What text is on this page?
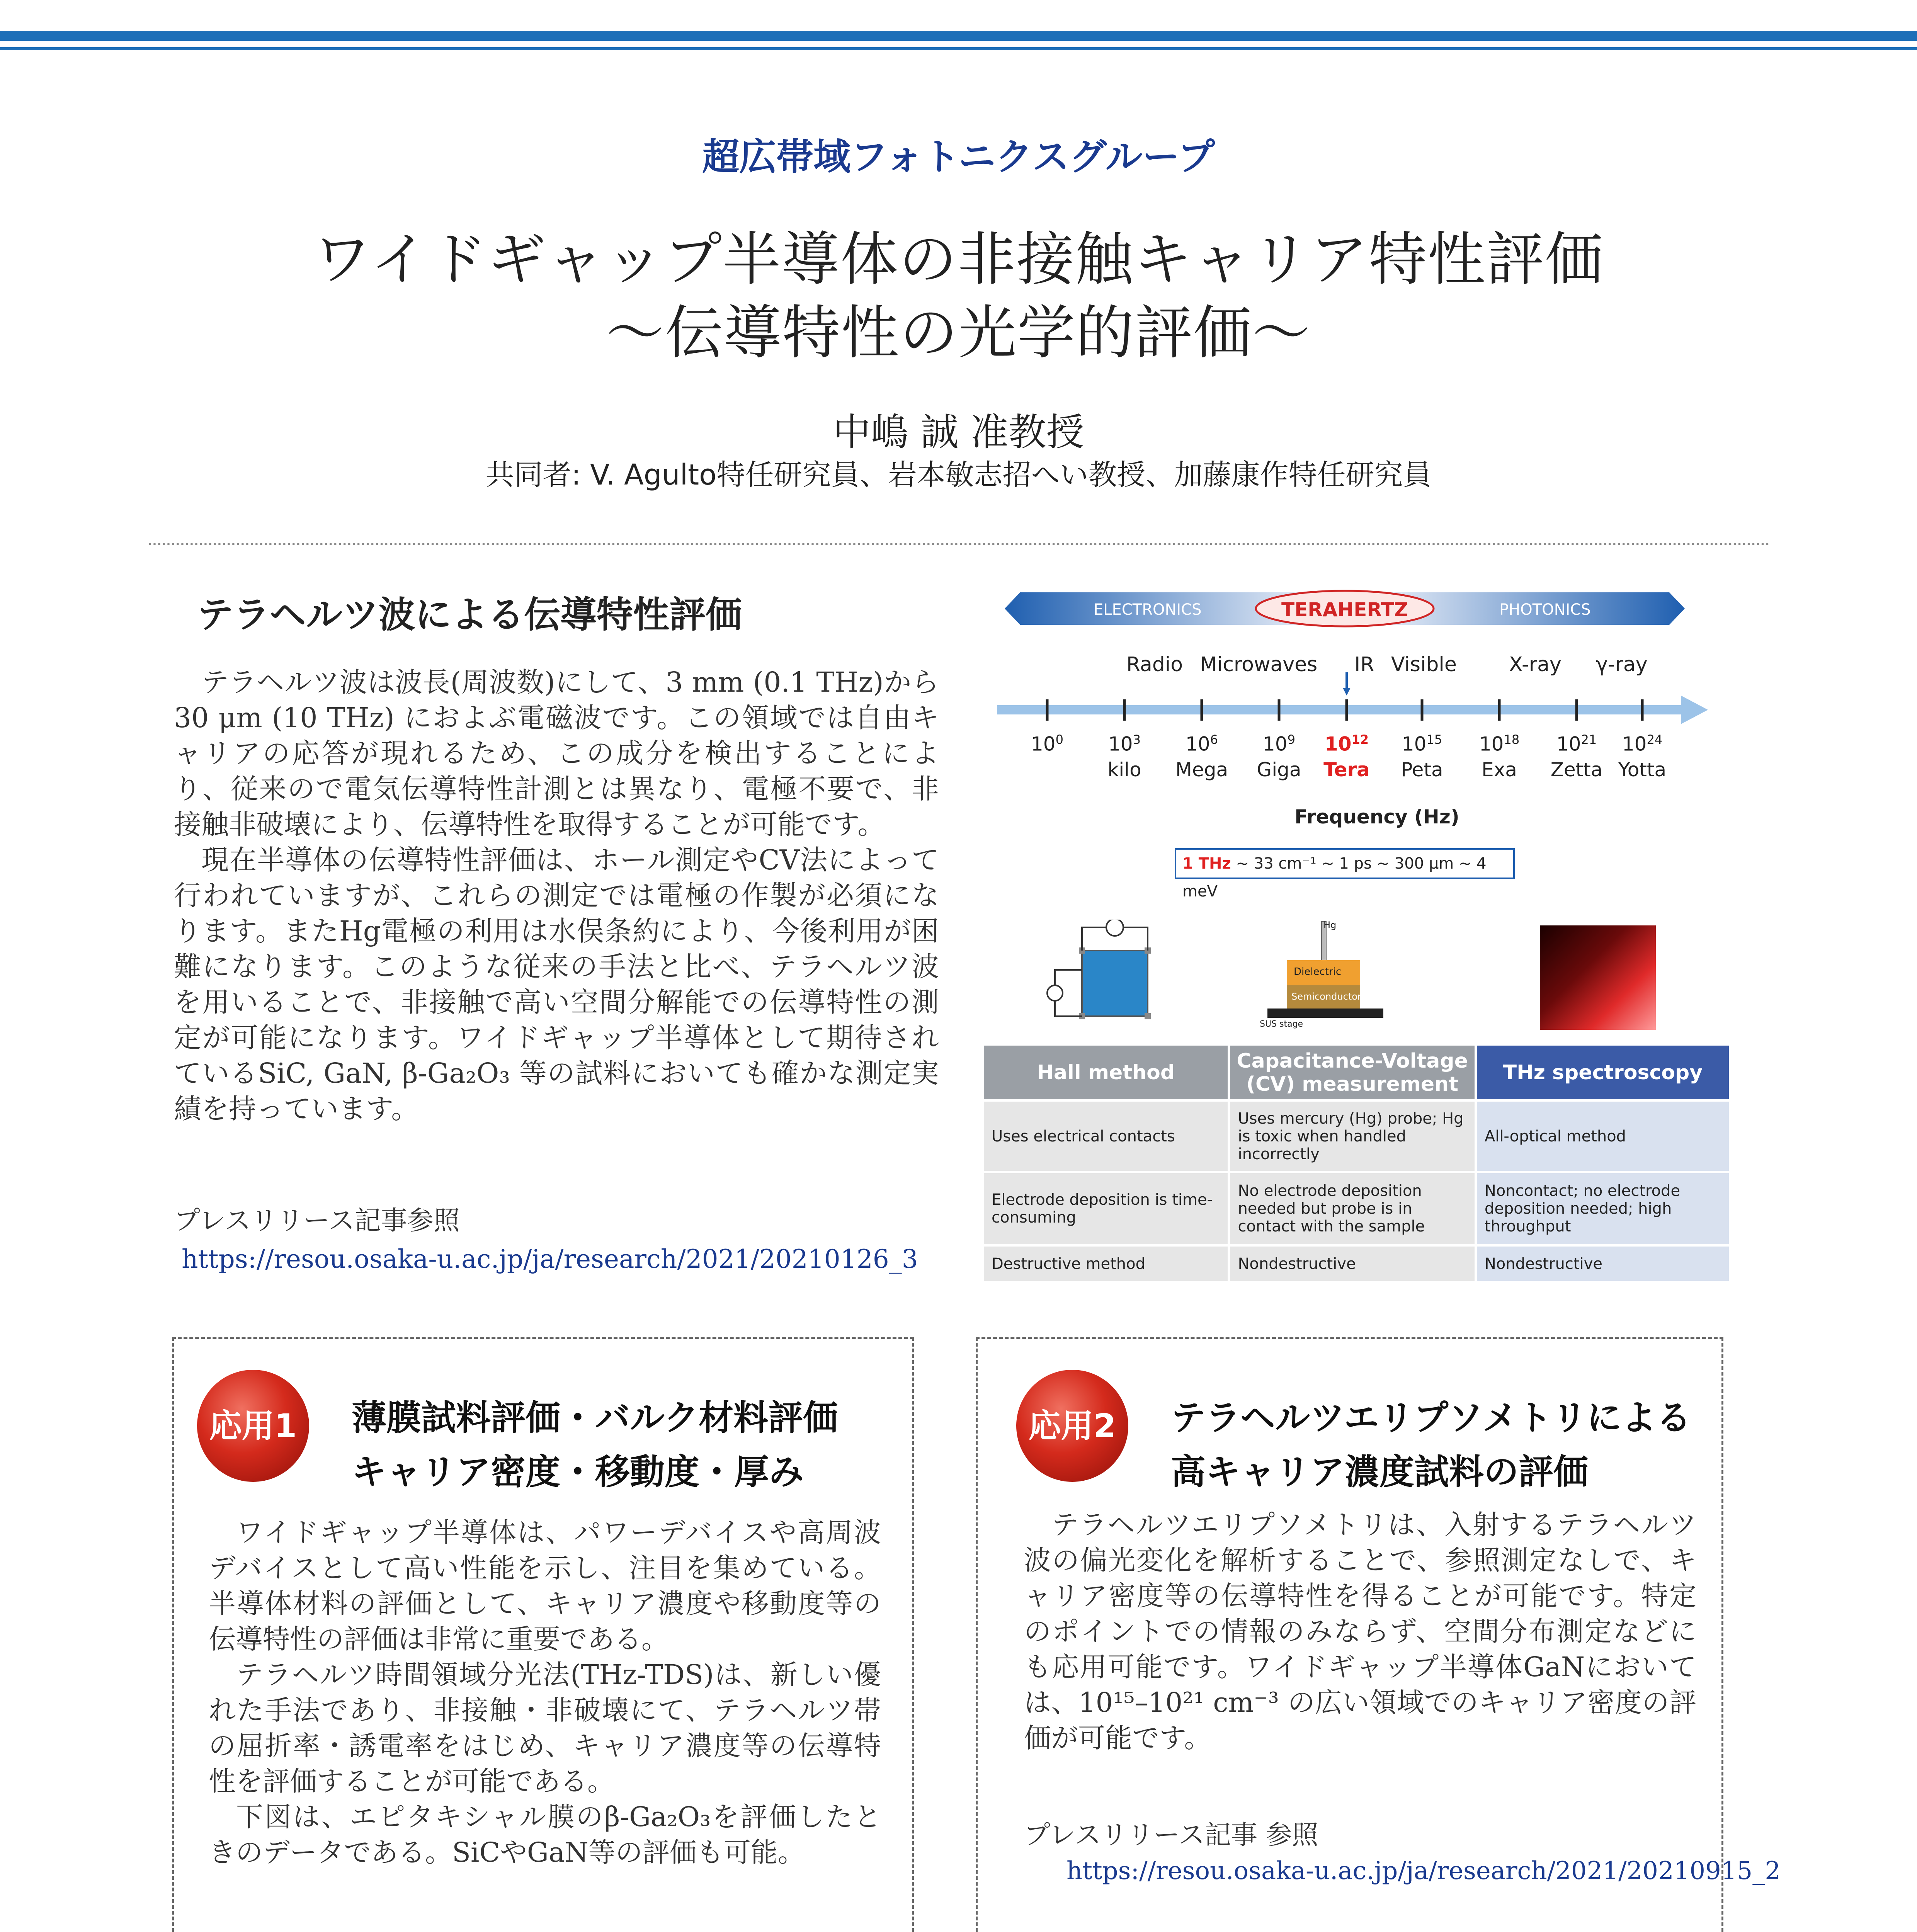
超広帯域フォトニクスグループ
ワイドギャップ半導体の非接触キャリア特性評価
～伝導特性の光学的評価～
中嶋 誠 准教授
共同者: V. Agulto特任研究員、岩本敏志招へい教授、加藤康作特任研究員
テラヘルツ波による伝導特性評価

テラヘルツ波は波長(周波数)にして、3 mm (0.1 THz)から 30 μm (10 THz) におよぶ電磁波です。この領域では自由キャリアの応答が現れるため、この成分を検出することにより、従来ので電気伝導特性計測とは異なり、電極不要で、非接触非破壊により、伝導特性を取得することが可能です。

現在半導体の伝導特性評価は、ホール測定やCV法によって行われていますが、これらの測定では電極の作製が必須になります。またHg電極の利用は水俣条約により、今後利用が困難になります。このような従来の手法と比べ、テラヘルツ波を用いることで、非接触で高い空間分解能での伝導特性の測定が可能になります。ワイドギャップ半導体として期待されているSiC, GaN, β-Ga₂O₃ 等の試料においても確かな測定実績を持っています。

プレスリリース記事参照
https://resou.osaka-u.ac.jp/ja/research/2021/20210126_3
ELECTRONICS	TERAHERTZ	PHOTONICS
Radio Microwaves IR Visible	X-ray γ-ray
$10^0$	$10^3$
kilo
$10^6$
Mega
$10^9$
Giga
$10^{12}$
Tera
$10^{15}$
Peta
$10^{18}$
Exa
$10^{21}$
Zetta
$10^{24}$
Yotta
Frequency (Hz)
1 THz ~ 33 cm⁻¹ ~ 1 ps ~ 300 μm ~ 4 meV
Hg
Dielectric
Semiconductor
SUS stage
Hall method	Capacitance-Voltage (CV) measurement	THz spectroscopy
Uses electrical contacts	Uses mercury (Hg) probe; Hg is toxic when handled incorrectly	All-optical method
Electrode deposition is time-consuming	No electrode deposition needed but probe is in contact with the sample	Noncontact; no electrode deposition needed; high throughput
Destructive method	Nondestructive	Nondestructive
応用1	薄膜試料評価・バルク材料評価
キャリア密度・移動度・厚み

ワイドギャップ半導体は、パワーデバイスや高周波デバイスとして高い性能を示し、注目を集めている。半導体材料の評価として、キャリア濃度や移動度等の伝導特性の評価は非常に重要である。

テラヘルツ時間領域分光法(THz-TDS)は、新しい優れた手法であり、非接触・非破壊にて、テラヘルツ帯の屈折率・誘電率をはじめ、キャリア濃度等の伝導特性を評価することが可能である。

下図は、エピタキシャル膜のβ-Ga₂O₃を評価したときのデータである。SiCやGaN等の評価も可能。

応用2	テラヘルツエリプソメトリによる
高キャリア濃度試料の評価

テラヘルツエリプソメトリは、入射するテラヘルツ波の偏光変化を解析することで、参照測定なしで、キャリア密度等の伝導特性を得ることが可能です。特定のポイントでの情報のみならず、空間分布測定などにも応用可能です。ワイドギャップ半導体GaNにおいては、10¹⁵–10²¹ cm⁻³ の広い領域でのキャリア密度の評価が可能です。

プレスリリース記事 参照
https://resou.osaka-u.ac.jp/ja/research/2021/20210915_2
